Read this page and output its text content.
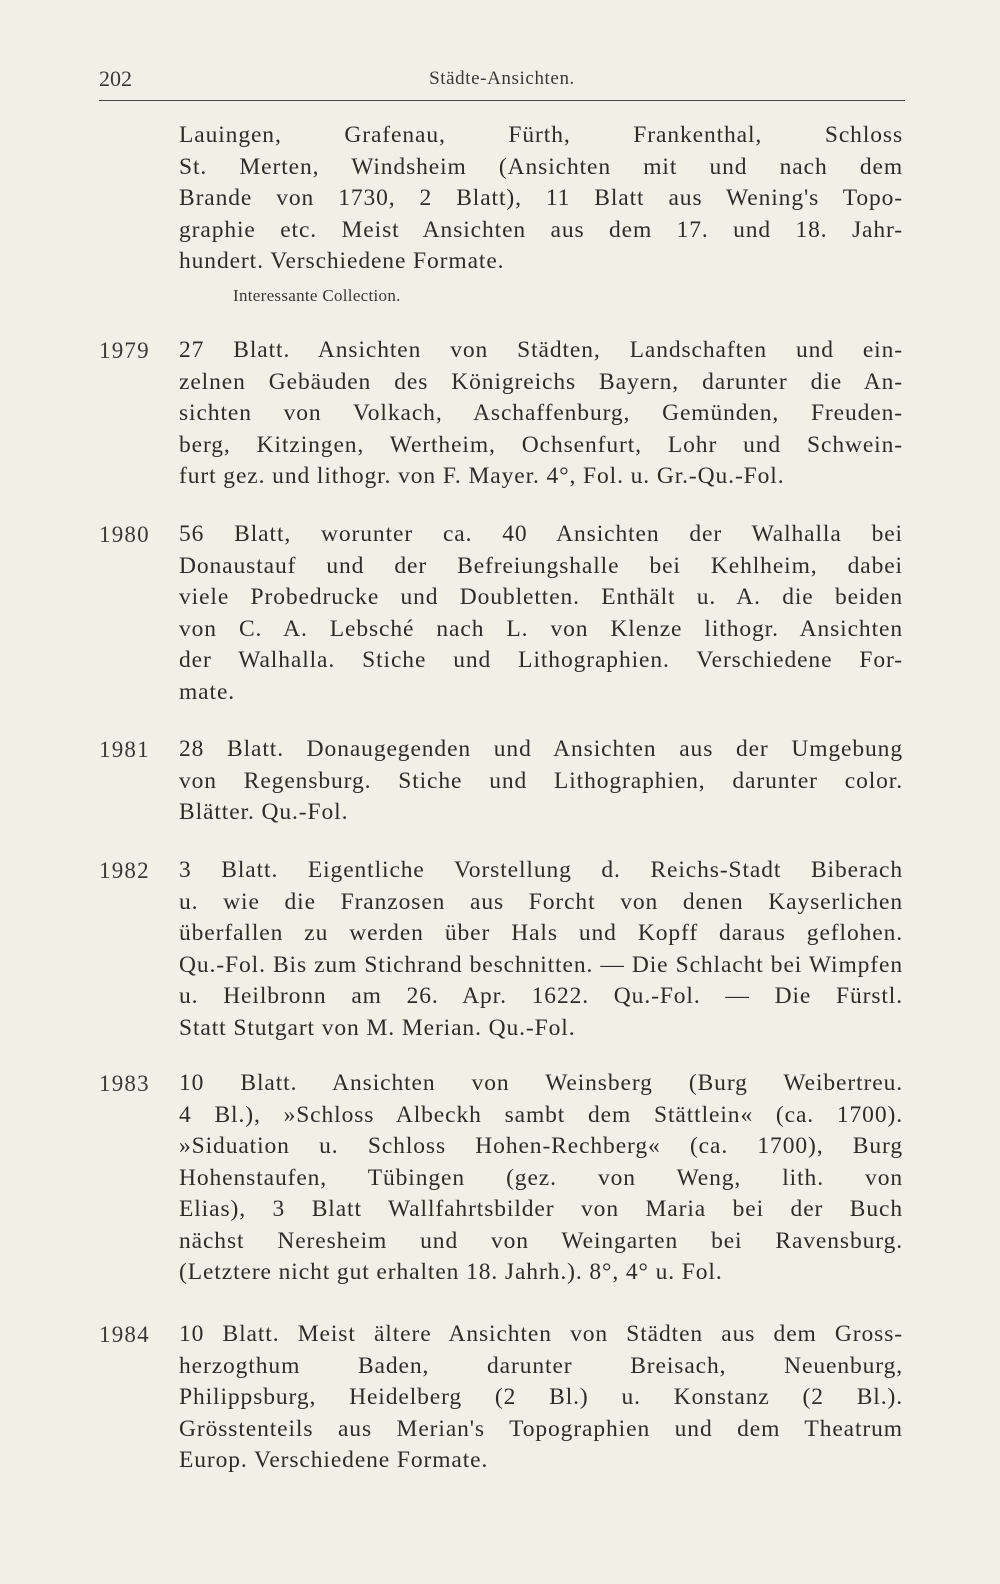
202	Städte-Ansichten.
Lauingen, Grafenau, Fürth, Frankenthal, Schloss
St. Merten, Windsheim (Ansichten mit und nach dem
Brande von 1730, 2 Blatt), 11 Blatt aus Wening's Topo-
graphie etc. Meist Ansichten aus dem 17. und 18. Jahr-
hundert. Verschiedene Formate.
Interessante Collection.
1979 27 Blatt. Ansichten von Städten, Landschaften und ein-
zelnen Gebäuden des Königreichs Bayern, darunter die An-
sichten von Volkach, Aschaffenburg, Gemünden, Freuden-
berg, Kitzingen, Wertheim, Ochsenfurt, Lohr und Schwein-
furt gez. und lithogr. von F. Mayer. 4°, Fol. u. Gr.-Qu.-Fol.
1980 56 Blatt, worunter ca. 40 Ansichten der Walhalla bei
Donaustauf und der Befreiungshalle bei Kehlheim, dabei
viele Probedrucke und Doubletten. Enthält u. A. die beiden
von C. A. Lebsché nach L. von Klenze lithogr. Ansichten
der Walhalla. Stiche und Lithographien. Verschiedene For-
mate.
1981 28 Blatt. Donaugegenden und Ansichten aus der Umgebung
von Regensburg. Stiche und Lithographien, darunter color.
Blätter. Qu.-Fol.
1982 3 Blatt. Eigentliche Vorstellung d. Reichs-Stadt Biberach
u. wie die Franzosen aus Forcht von denen Kayserlichen
überfallen zu werden über Hals und Kopff daraus geflohen.
Qu.-Fol. Bis zum Stichrand beschnitten. — Die Schlacht bei Wimpfen
u. Heilbronn am 26. Apr. 1622. Qu.-Fol. — Die Fürstl.
Statt Stutgart von M. Merian. Qu.-Fol.
1983 10 Blatt. Ansichten von Weinsberg (Burg Weibertreu.
4 Bl.), »Schloss Albeckh sambt dem Stättlein« (ca. 1700).
»Siduation u. Schloss Hohen-Rechberg« (ca. 1700), Burg
Hohenstaufen, Tübingen (gez. von Weng, lith. von
Elias), 3 Blatt Wallfahrtsbilder von Maria bei der Buch
nächst Neresheim und von Weingarten bei Ravensburg.
(Letztere nicht gut erhalten 18. Jahrh.). 8°, 4° u. Fol.
1984 10 Blatt. Meist ältere Ansichten von Städten aus dem Gross-
herzogthum Baden, darunter Breisach, Neuenburg,
Philippsburg, Heidelberg (2 Bl.) u. Konstanz (2 Bl.).
Grösstenteils aus Merian's Topographien und dem Theatrum
Europ. Verschiedene Formate.
